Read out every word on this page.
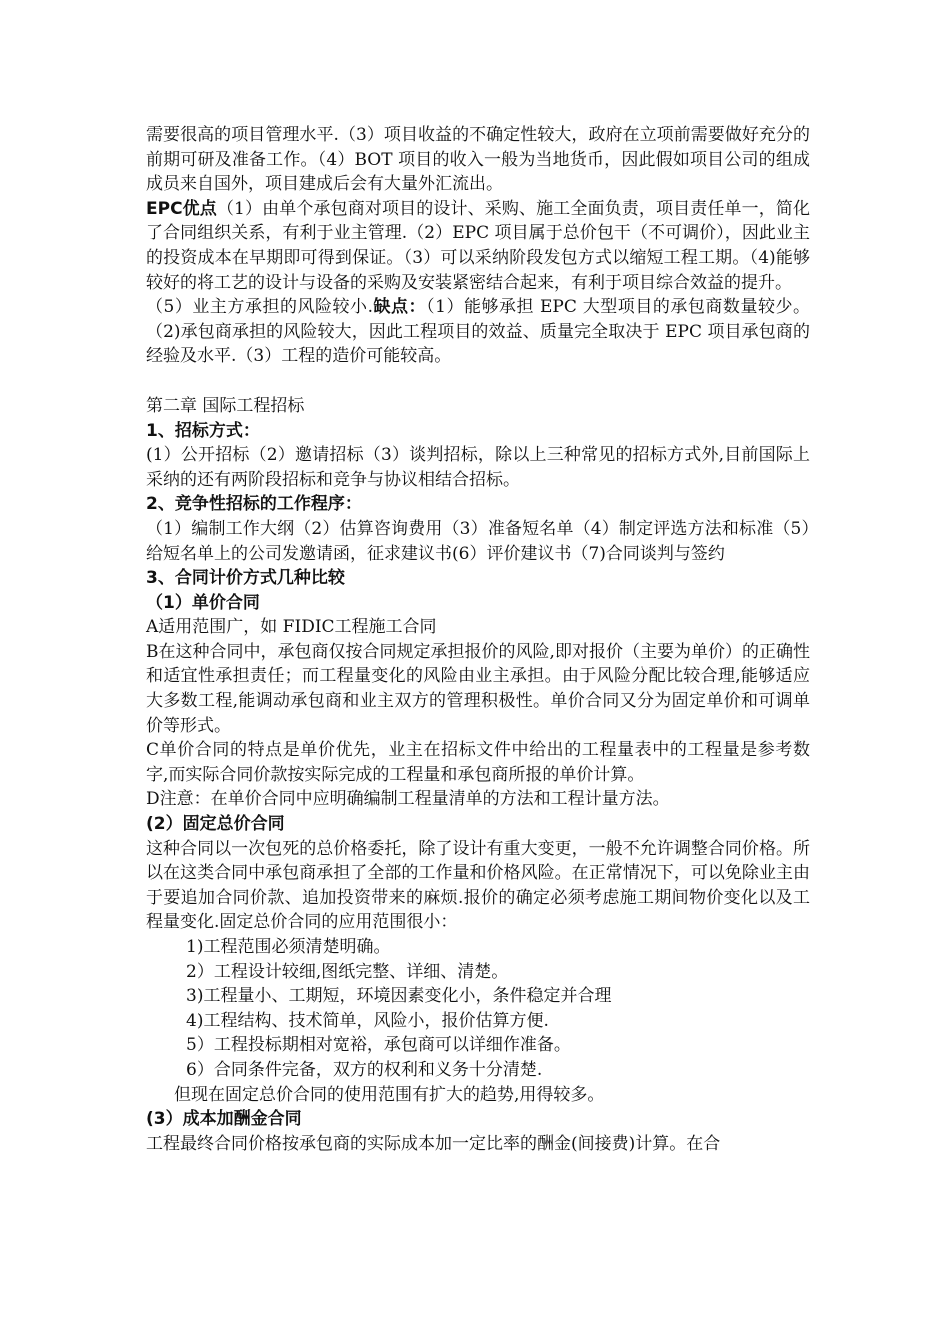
需要很高的项目管理水平.（3）项目收益的不确定性较大，政府在立项前需要做好充分的前期可研及准备工作。（4）BOT 项目的收入一般为当地货币，因此假如项目公司的组成成员来自国外，项目建成后会有大量外汇流出。

EPC优点（1）由单个承包商对项目的设计、采购、施工全面负责，项目责任单一，简化了合同组织关系，有利于业主管理.（2）EPC 项目属于总价包干（不可调价），因此业主的投资成本在早期即可得到保证。（3）可以采纳阶段发包方式以缩短工程工期。（4)能够较好的将工艺的设计与设备的采购及安装紧密结合起来，有利于项目综合效益的提升。

（5）业主方承担的风险较小.缺点：（1）能够承担 EPC 大型项目的承包商数量较少。（2)承包商承担的风险较大，因此工程项目的效益、质量完全取决于 EPC 项目承包商的经验及水平.（3）工程的造价可能较高。

第二章 国际工程招标

1、招标方式：

(1）公开招标（2）邀请招标（3）谈判招标，除以上三种常见的招标方式外,目前国际上采纳的还有两阶段招标和竞争与协议相结合招标。

2、竞争性招标的工作程序：

（1）编制工作大纲（2）估算咨询费用（3）准备短名单（4）制定评选方法和标准（5）给短名单上的公司发邀请函，征求建议书(6）评价建议书（7)合同谈判与签约

3、合同计价方式几种比较

（1）单价合同

A适用范围广，如 FIDIC工程施工合同

B在这种合同中，承包商仅按合同规定承担报价的风险,即对报价（主要为单价）的正确性和适宜性承担责任；而工程量变化的风险由业主承担。由于风险分配比较合理,能够适应大多数工程,能调动承包商和业主双方的管理积极性。单价合同又分为固定单价和可调单价等形式。

C单价合同的特点是单价优先，业主在招标文件中给出的工程量表中的工程量是参考数字,而实际合同价款按实际完成的工程量和承包商所报的单价计算。

D注意：在单价合同中应明确编制工程量清单的方法和工程计量方法。

(2）固定总价合同

这种合同以一次包死的总价格委托，除了设计有重大变更，一般不允许调整合同价格。所以在这类合同中承包商承担了全部的工作量和价格风险。在正常情况下，可以免除业主由于要追加合同价款、追加投资带来的麻烦.报价的确定必须考虑施工期间物价变化以及工程量变化.固定总价合同的应用范围很小：

1)工程范围必须清楚明确。

2）工程设计较细,图纸完整、详细、清楚。

3)工程量小、工期短，环境因素变化小，条件稳定并合理

4)工程结构、技术简单，风险小，报价估算方便.

5）工程投标期相对宽裕，承包商可以详细作准备。

6）合同条件完备，双方的权利和义务十分清楚.

但现在固定总价合同的使用范围有扩大的趋势,用得较多。

(3）成本加酬金合同

工程最终合同价格按承包商的实际成本加一定比率的酬金(间接费)计算。在合
